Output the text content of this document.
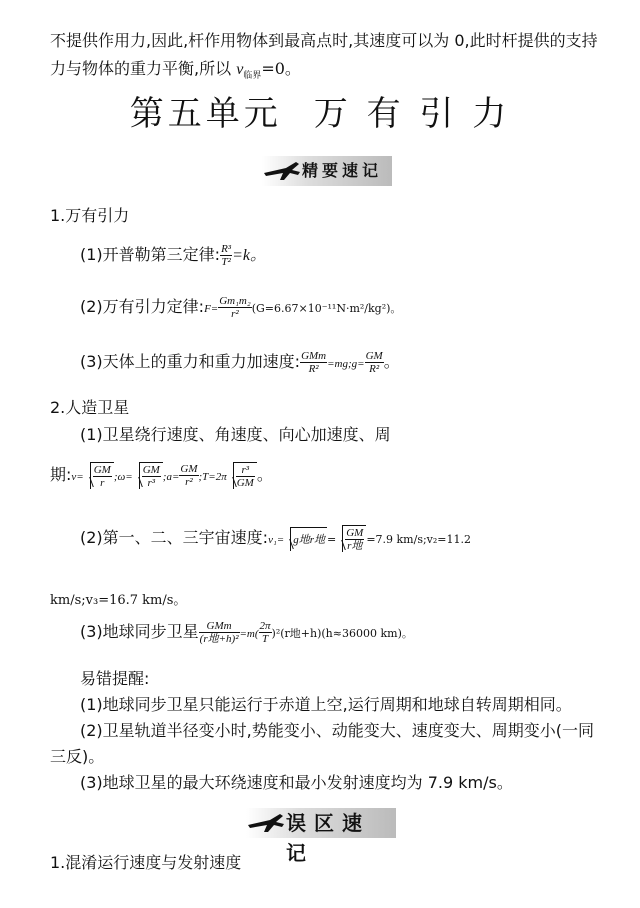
不提供作用力,因此,杆作用物体到最高点时,其速度可以为 0,此时杆提供的支持
力与物体的重力平衡,所以 $v_{临界}=0$。
第五单元 万 有 引 力
精要速记
1.万有引力
(1)开普勒第三定律: $\frac{\text{R³}}{\text{T²}} =k$。
(2)万有引力定律:F= $\frac{\text{Gm₁m₂}}{\text{r²}} (G=6.67\times 10^{-11}N\cdot m^2/kg^2)$。
(3)天体上的重力和重力加速度: $\frac{\text{GMm}}{\text{R²}}$ =mg;g= $\frac{GM}{\text{R²}}$ 。
2.人造卫星
(1)卫星绕行速度、角速度、向心加速度、周
期:v= $\frac{GM}{r}$ ;ω= $\frac{GM}{\text{r³}}$ ;a= $\frac{GM}{\text{r²}}$ ;T=2π $\frac{\text{r³}}{GM}$ 。
(2)第一、二、三宇宙速度:v₁= g地r地 = $\frac{GM}{\text{r地}} =7.9$ km/s;v₂=11.2
km/s;v₃=16.7 km/s。
(3)地球同步卫星 $\frac{\text{GMm}}{\text{(r地+h)²}} =m( \frac{2\pi}{T} )^2(r$地+h)(h≈36000 km)。
易错提醒:
(1)地球同步卫星只能运行于赤道上空,运行周期和地球自转周期相同。
(2)卫星轨道半径变小时,势能变小、动能变大、速度变大、周期变小(一同
三反)。
(3)地球卫星的最大环绕速度和最小发射速度均为 7.9 km/s。
误区速记
1.混淆运行速度与发射速度
